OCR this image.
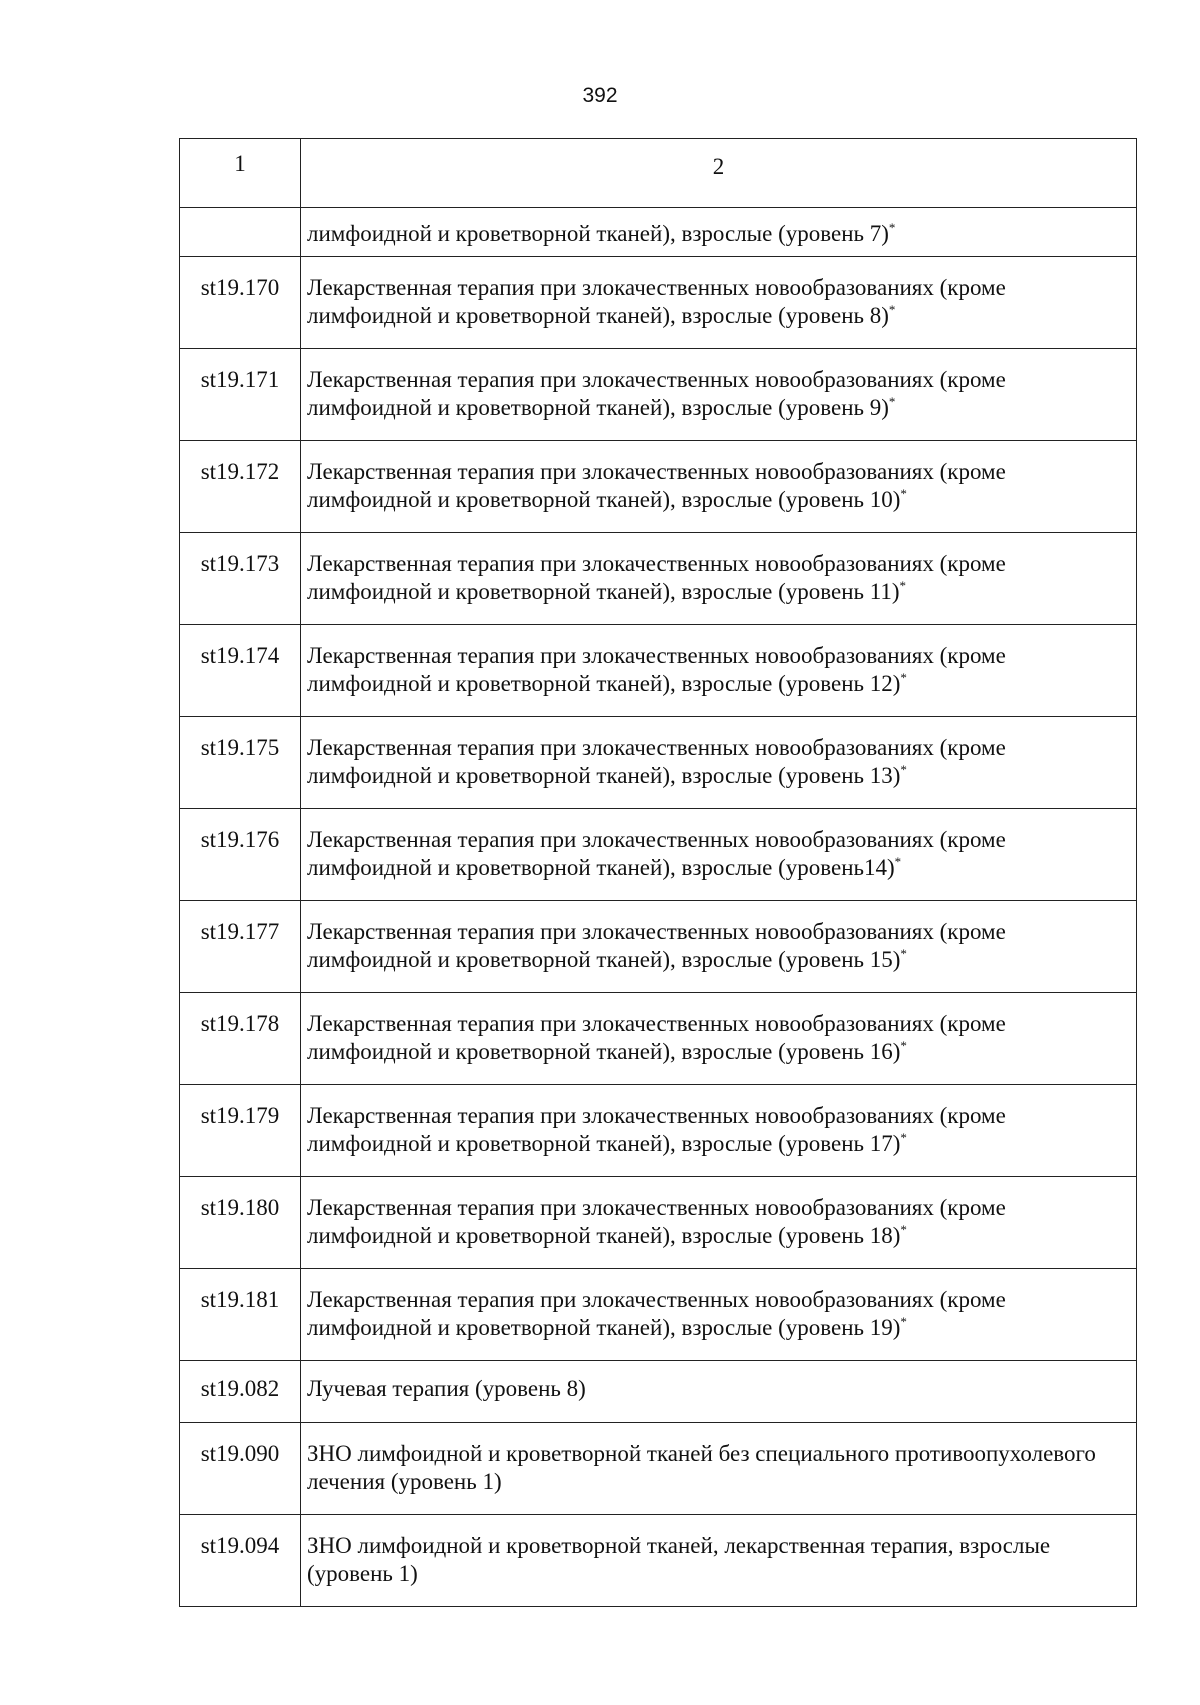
392
1	2
	лимфоидной и кроветворной тканей), взрослые (уровень 7)*
st19.170	Лекарственная терапия при злокачественных новообразованиях (кроме лимфоидной и кроветворной тканей), взрослые (уровень 8)*
st19.171	Лекарственная терапия при злокачественных новообразованиях (кроме лимфоидной и кроветворной тканей), взрослые (уровень 9)*
st19.172	Лекарственная терапия при злокачественных новообразованиях (кроме лимфоидной и кроветворной тканей), взрослые (уровень 10)*
st19.173	Лекарственная терапия при злокачественных новообразованиях (кроме лимфоидной и кроветворной тканей), взрослые (уровень 11)*
st19.174	Лекарственная терапия при злокачественных новообразованиях (кроме лимфоидной и кроветворной тканей), взрослые (уровень 12)*
st19.175	Лекарственная терапия при злокачественных новообразованиях (кроме лимфоидной и кроветворной тканей), взрослые (уровень 13)*
st19.176	Лекарственная терапия при злокачественных новообразованиях (кроме лимфоидной и кроветворной тканей), взрослые (уровень14)*
st19.177	Лекарственная терапия при злокачественных новообразованиях (кроме лимфоидной и кроветворной тканей), взрослые (уровень 15)*
st19.178	Лекарственная терапия при злокачественных новообразованиях (кроме лимфоидной и кроветворной тканей), взрослые (уровень 16)*
st19.179	Лекарственная терапия при злокачественных новообразованиях (кроме лимфоидной и кроветворной тканей), взрослые (уровень 17)*
st19.180	Лекарственная терапия при злокачественных новообразованиях (кроме лимфоидной и кроветворной тканей), взрослые (уровень 18)*
st19.181	Лекарственная терапия при злокачественных новообразованиях (кроме лимфоидной и кроветворной тканей), взрослые (уровень 19)*
st19.082	Лучевая терапия (уровень 8)
st19.090	ЗНО лимфоидной и кроветворной тканей без специального противоопухолевого лечения (уровень 1)
st19.094	ЗНО лимфоидной и кроветворной тканей, лекарственная терапия, взрослые (уровень 1)
